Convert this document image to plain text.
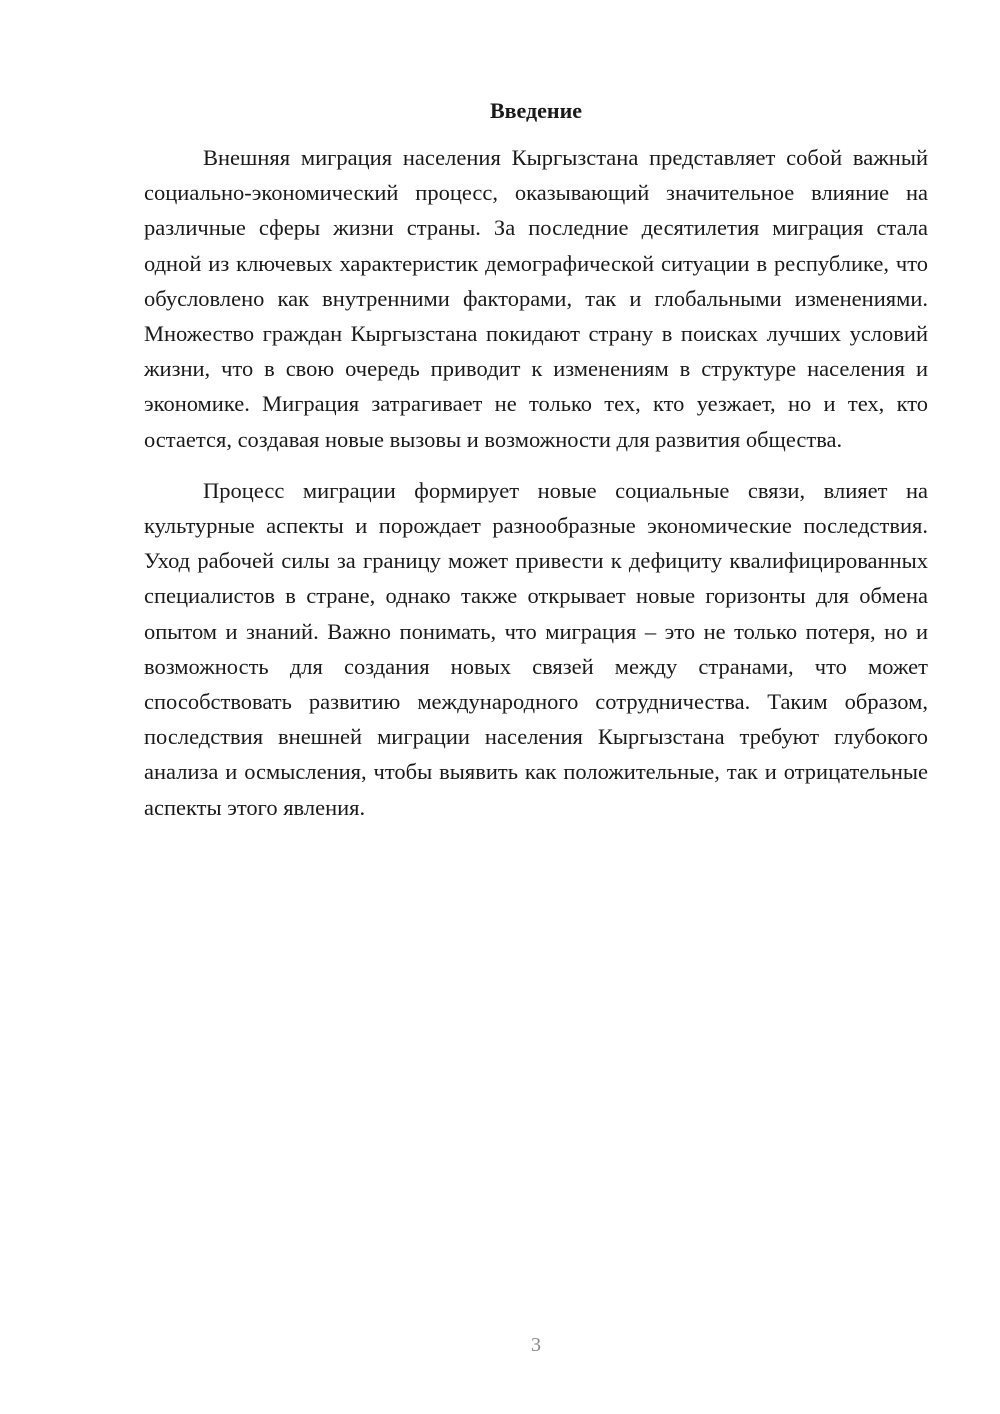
Введение

Внешняя миграция населения Кыргызстана представляет собой важный социально-экономический процесс, оказывающий значительное влияние на различные сферы жизни страны. За последние десятилетия миграция стала одной из ключевых характеристик демографической ситуации в республике, что обусловлено как внутренними факторами, так и глобальными изменениями. Множество граждан Кыргызстана покидают страну в поисках лучших условий жизни, что в свою очередь приводит к изменениям в структуре населения и экономике. Миграция затрагивает не только тех, кто уезжает, но и тех, кто остается, создавая новые вызовы и возможности для развития общества.

Процесс миграции формирует новые социальные связи, влияет на культурные аспекты и порождает разнообразные экономические последствия. Уход рабочей силы за границу может привести к дефициту квалифицированных специалистов в стране, однако также открывает новые горизонты для обмена опытом и знаний. Важно понимать, что миграция – это не только потеря, но и возможность для создания новых связей между странами, что может способствовать развитию международного сотрудничества. Таким образом, последствия внешней миграции населения Кыргызстана требуют глубокого анализа и осмысления, чтобы выявить как положительные, так и отрицательные аспекты этого явления.

3
